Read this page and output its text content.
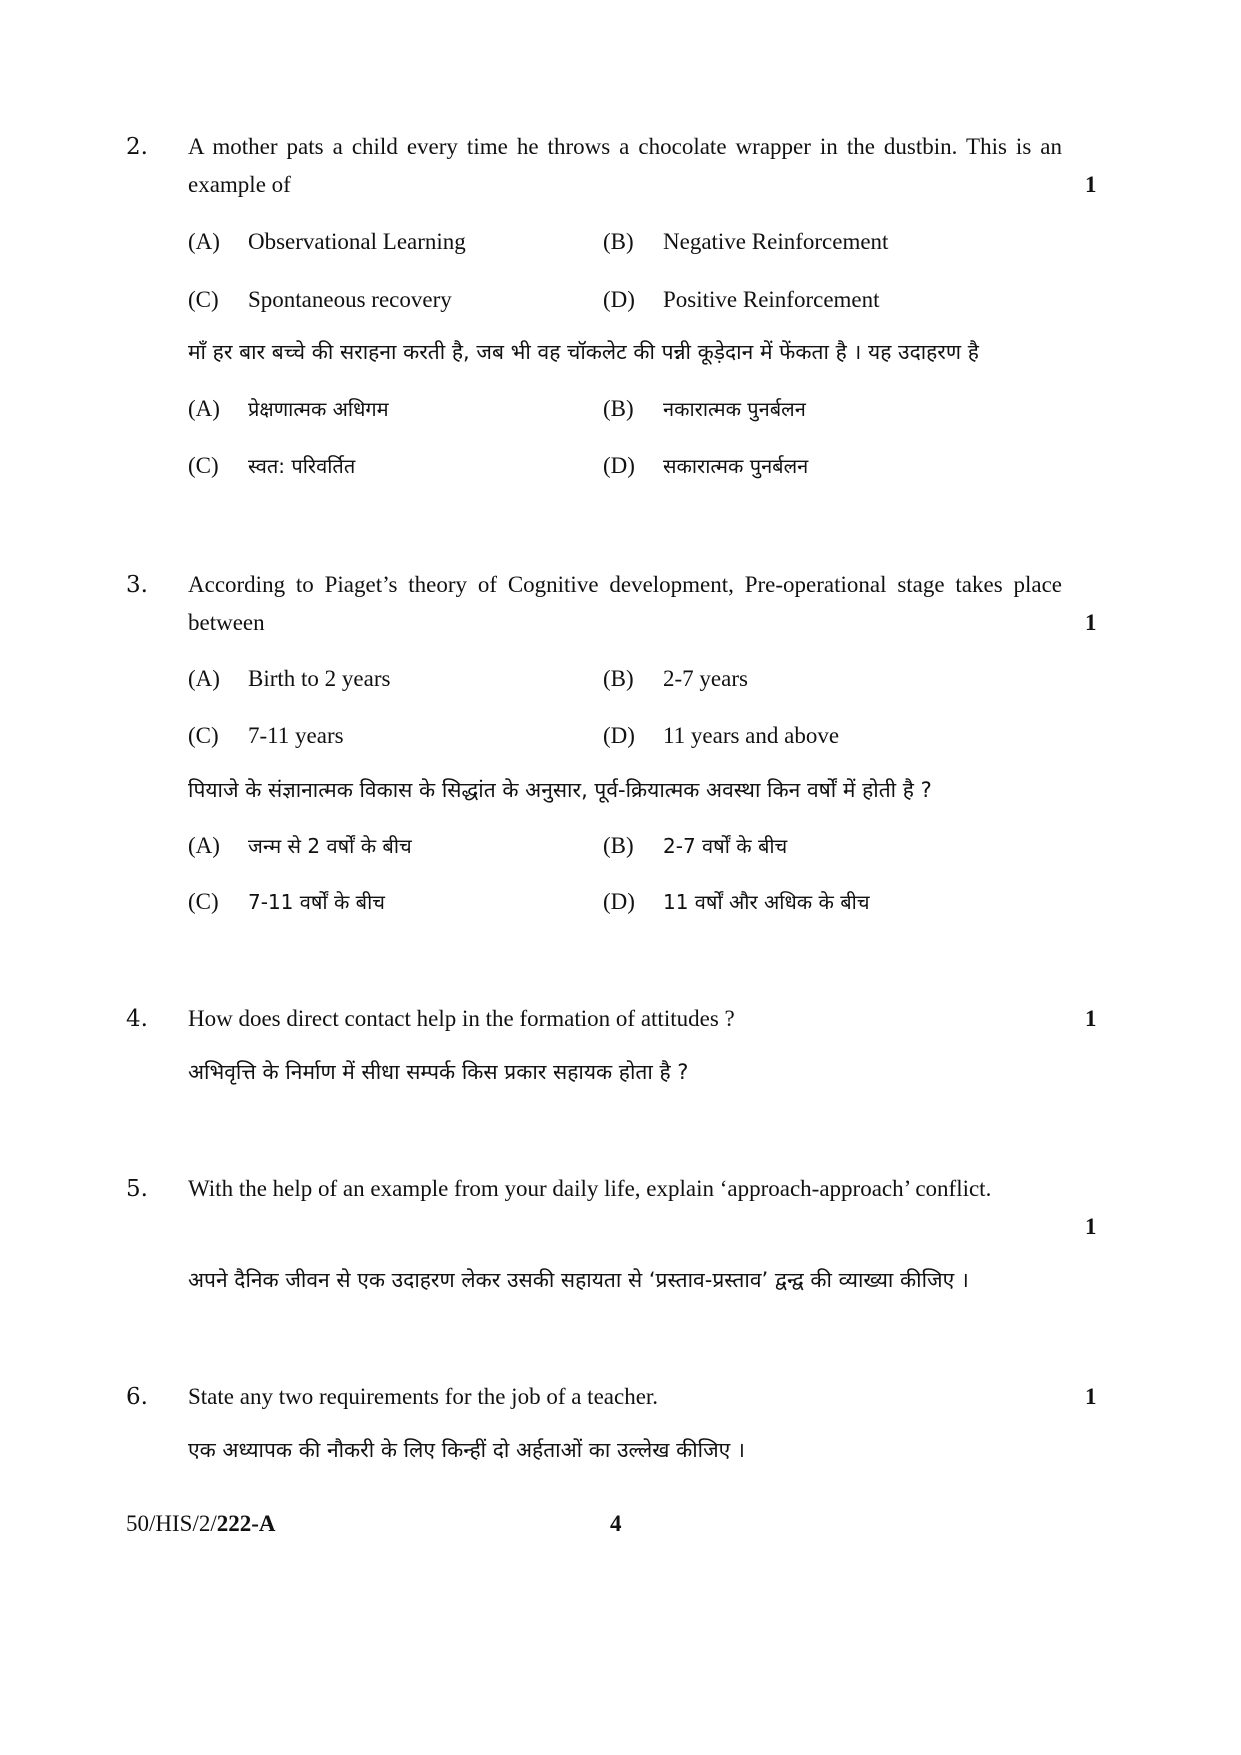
2. A mother pats a child every time he throws a chocolate wrapper in the dustbin. This is an example of	1
(A) Observational Learning	(B) Negative Reinforcement
(C) Spontaneous recovery	(D) Positive Reinforcement
माँ हर बार बच्चे की सराहना करती है, जब भी वह चॉकलेट की पन्नी कूड़ेदान में फेंकता है । यह उदाहरण है
(A) प्रेक्षणात्मक अधिगम	(B) नकारात्मक पुनर्बलन
(C) स्वत: परिवर्तित	(D) सकारात्मक पुनर्बलन
3. According to Piaget’s theory of Cognitive development, Pre-operational stage takes place between	1
(A) Birth to 2 years	(B) 2-7 years
(C) 7-11 years	(D) 11 years and above
पियाजे के संज्ञानात्मक विकास के सिद्धांत के अनुसार, पूर्व-क्रियात्मक अवस्था किन वर्षों में होती है ?
(A) जन्म से 2 वर्षों के बीच	(B) 2-7 वर्षों के बीच
(C) 7-11 वर्षों के बीच	(D) 11 वर्षों और अधिक के बीच
4. How does direct contact help in the formation of attitudes ?	1
अभिवृत्ति के निर्माण में सीधा सम्पर्क किस प्रकार सहायक होता है ?
5. With the help of an example from your daily life, explain ‘approach-approach’ conflict.
1
अपने दैनिक जीवन से एक उदाहरण लेकर उसकी सहायता से ‘प्रस्ताव-प्रस्ताव’ द्वन्द्व की व्याख्या कीजिए ।
6. State any two requirements for the job of a teacher.	1
एक अध्यापक की नौकरी के लिए किन्हीं दो अर्हताओं का उल्लेख कीजिए ।
50/HIS/2/222-A	4
